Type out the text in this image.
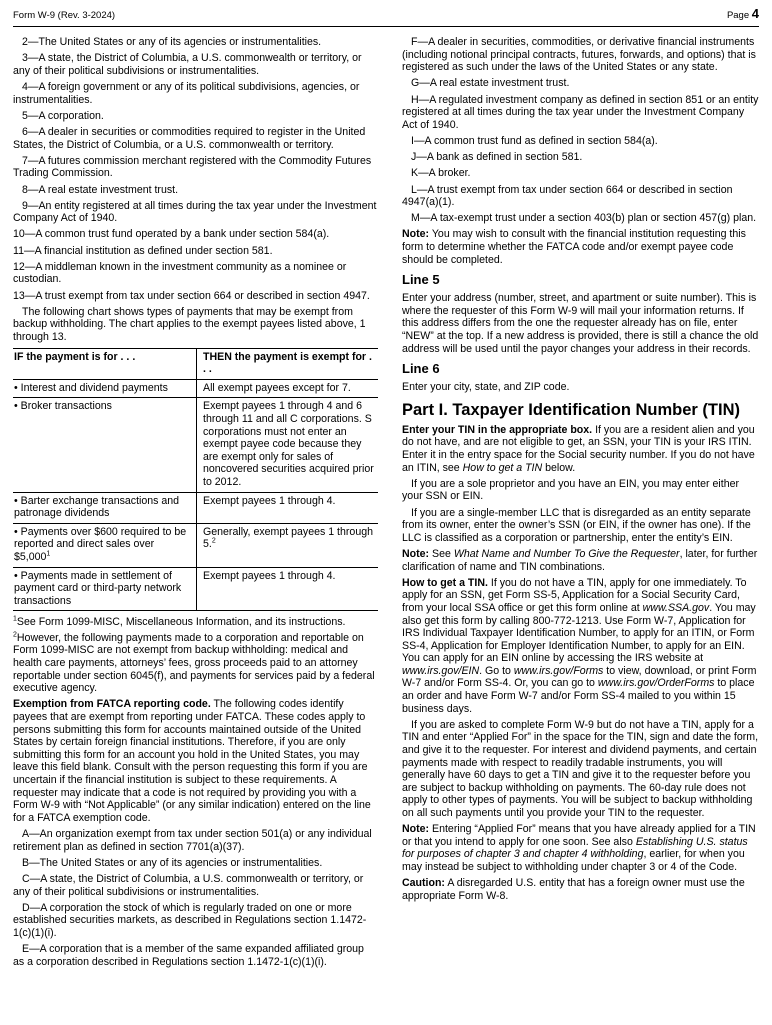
Form W-9 (Rev. 3-2024)	Page 4

2—The United States or any of its agencies or instrumentalities.

3—A state, the District of Columbia, a U.S. commonwealth or territory, or any of their political subdivisions or instrumentalities.

4—A foreign government or any of its political subdivisions, agencies, or instrumentalities.

5—A corporation.

6—A dealer in securities or commodities required to register in the United States, the District of Columbia, or a U.S. commonwealth or territory.

7—A futures commission merchant registered with the Commodity Futures Trading Commission.

8—A real estate investment trust.

9—An entity registered at all times during the tax year under the Investment Company Act of 1940.

10—A common trust fund operated by a bank under section 584(a).

11—A financial institution as defined under section 581.

12—A middleman known in the investment community as a nominee or custodian.

13—A trust exempt from tax under section 664 or described in section 4947.

The following chart shows types of payments that may be exempt from backup withholding. The chart applies to the exempt payees listed above, 1 through 13.

IF the payment is for . . .	THEN the payment is exempt for . . .
• Interest and dividend payments	All exempt payees except for 7.
• Broker transactions	Exempt payees 1 through 4 and 6 through 11 and all C corporations. S corporations must not enter an exempt payee code because they are exempt only for sales of noncovered securities acquired prior to 2012.
• Barter exchange transactions and patronage dividends	Exempt payees 1 through 4.
• Payments over $600 required to be reported and direct sales over $5,000$^1$	Generally, exempt payees 1 through 5.$^2$
• Payments made in settlement of payment card or third-party network transactions	Exempt payees 1 through 4.

$^1$See Form 1099-MISC, Miscellaneous Information, and its instructions.

$^2$However, the following payments made to a corporation and reportable on Form 1099-MISC are not exempt from backup withholding: medical and health care payments, attorneys’ fees, gross proceeds paid to an attorney reportable under section 6045(f), and payments for services paid by a federal executive agency.

Exemption from FATCA reporting code. The following codes identify payees that are exempt from reporting under FATCA. These codes apply to persons submitting this form for accounts maintained outside of the United States by certain foreign financial institutions. Therefore, if you are only submitting this form for an account you hold in the United States, you may leave this field blank. Consult with the person requesting this form if you are uncertain if the financial institution is subject to these requirements. A requester may indicate that a code is not required by providing you with a Form W-9 with “Not Applicable” (or any similar indication) entered on the line for a FATCA exemption code.

A—An organization exempt from tax under section 501(a) or any individual retirement plan as defined in section 7701(a)(37).

B—The United States or any of its agencies or instrumentalities.

C—A state, the District of Columbia, a U.S. commonwealth or territory, or any of their political subdivisions or instrumentalities.

D—A corporation the stock of which is regularly traded on one or more established securities markets, as described in Regulations section 1.1472-1(c)(1)(i).

E—A corporation that is a member of the same expanded affiliated group as a corporation described in Regulations section 1.1472-1(c)(1)(i).

F—A dealer in securities, commodities, or derivative financial instruments (including notional principal contracts, futures, forwards, and options) that is registered as such under the laws of the United States or any state.

G—A real estate investment trust.

H—A regulated investment company as defined in section 851 or an entity registered at all times during the tax year under the Investment Company Act of 1940.

I—A common trust fund as defined in section 584(a).

J—A bank as defined in section 581.

K—A broker.

L—A trust exempt from tax under section 664 or described in section 4947(a)(1).

M—A tax-exempt trust under a section 403(b) plan or section 457(g) plan.

Note: You may wish to consult with the financial institution requesting this form to determine whether the FATCA code and/or exempt payee code should be completed.

Line 5

Enter your address (number, street, and apartment or suite number). This is where the requester of this Form W-9 will mail your information returns. If this address differs from the one the requester already has on file, enter “NEW” at the top. If a new address is provided, there is still a chance the old address will be used until the payor changes your address in their records.

Line 6

Enter your city, state, and ZIP code.

Part I. Taxpayer Identification Number (TIN)

Enter your TIN in the appropriate box. If you are a resident alien and you do not have, and are not eligible to get, an SSN, your TIN is your IRS ITIN. Enter it in the entry space for the Social security number. If you do not have an ITIN, see How to get a TIN below.

If you are a sole proprietor and you have an EIN, you may enter either your SSN or EIN.

If you are a single-member LLC that is disregarded as an entity separate from its owner, enter the owner’s SSN (or EIN, if the owner has one). If the LLC is classified as a corporation or partnership, enter the entity’s EIN.

Note: See What Name and Number To Give the Requester, later, for further clarification of name and TIN combinations.

How to get a TIN. If you do not have a TIN, apply for one immediately. To apply for an SSN, get Form SS-5, Application for a Social Security Card, from your local SSA office or get this form online at www.SSA.gov. You may also get this form by calling 800-772-1213. Use Form W-7, Application for IRS Individual Taxpayer Identification Number, to apply for an ITIN, or Form SS-4, Application for Employer Identification Number, to apply for an EIN. You can apply for an EIN online by accessing the IRS website at www.irs.gov/EIN. Go to www.irs.gov/Forms to view, download, or print Form W-7 and/or Form SS-4. Or, you can go to www.irs.gov/OrderForms to place an order and have Form W-7 and/or Form SS-4 mailed to you within 15 business days.

If you are asked to complete Form W-9 but do not have a TIN, apply for a TIN and enter “Applied For” in the space for the TIN, sign and date the form, and give it to the requester. For interest and dividend payments, and certain payments made with respect to readily tradable instruments, you will generally have 60 days to get a TIN and give it to the requester before you are subject to backup withholding on payments. The 60-day rule does not apply to other types of payments. You will be subject to backup withholding on all such payments until you provide your TIN to the requester.

Note: Entering “Applied For” means that you have already applied for a TIN or that you intend to apply for one soon. See also Establishing U.S. status for purposes of chapter 3 and chapter 4 withholding, earlier, for when you may instead be subject to withholding under chapter 3 or 4 of the Code.

Caution: A disregarded U.S. entity that has a foreign owner must use the appropriate Form W-8.
